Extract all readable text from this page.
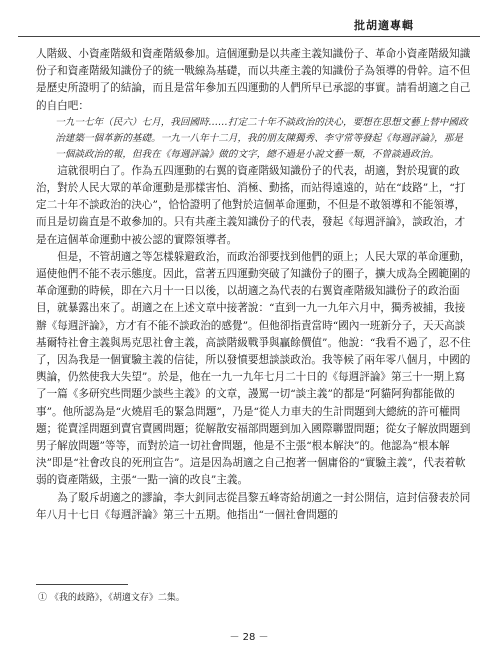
批胡適專輯

人階級、小資產階級和資產階級參加。這個運動是以共產主義知識份子、革命小資產階級知識份子和資產階級知識份子的統一戰線為基礎，而以共產主義的知識份子為領導的骨幹。這不但是歷史所證明了的結論，而且是當年參加五四運動的人們所早已承認的事實。請看胡適之自己的自白吧：

一九一七年（民六）七月，我回國時……打定二十年不談政治的決心，要想在思想文藝上替中國政治建築一個革新的基礎。一九一八年十二月，我的朋友陳獨秀、李守常等發起《每週評論》，那是一個談政治的報，但我在《每週評論》做的文字，總不過是小說文藝一類，不曾談過政治。

這就很明白了。作為五四運動的右翼的資產階級知識份子的代表，胡適，對於現實的政治，對於人民大眾的革命運動是那樣害怕、消極、動搖，而站得遠遠的，站在“歧路”上，“打定二十年不談政治的決心”，恰恰證明了他對於這個革命運動，不但是不敢領導和不能領導，而且是切齒直是不敢參加的。只有共產主義知識份子的代表，發起《每週評論》，談政治，才是在這個革命運動中被公認的實際領導者。

但是，不管胡適之等怎樣躲避政治，而政治卻要找到他們的頭上；人民大眾的革命運動，逼使他們不能不表示態度。因此，當著五四運動突破了知識份子的圈子，擴大成為全國範圍的革命運動的時候，即在六月十一日以後，以胡適之為代表的右翼資產階級知識份子的政治面目，就暴露出來了。胡適之在上述文章中接著說：“直到一九一九年六月中，獨秀被捕，我接辦《每週評論》，方才有不能不談政治的感覺”。但他卻指責當時“國內一班新分子，天天高談基爾特社會主義與馬克思社會主義，高談階級戰爭與贏餘價值”。他說：“我看不過了，忍不住了，因為我是一個實驗主義的信徒，所以發憤要想談談政治。我等候了兩年零八個月，中國的輿論，仍然使我大失望”。於是，他在一九一九年七月二十日的《每週評論》第三十一期上寫了一篇《多研究些問題少談些主義》的文章，謾罵一切“談主義”的都是“阿貓阿狗都能做的事”。他所認為是“火燒眉毛的緊急問題”，乃是“從人力車夫的生計問題到大總統的許可權問題；從賣淫問題到賣官賣國問題；從解散安福部問題到加入國際聯盟問題；從女子解放問題到男子解放問題”等等，而對於這一切社會問題，他是不主張“根本解決”的。他認為“根本解決”即是“社會改良的死刑宣告”。這是因為胡適之自己抱著一個庸俗的“實驗主義”，代表着軟弱的資產階級，主張“一點一滴的改良”主義。

為了駁斥胡適之的謬論，李大釗同志從昌黎五峰寄給胡適之一封公開信，這封信發表於同年八月十七日《每週評論》第三十五期。他指出“一個社會問題的

① 《我的歧路》，《胡適文存》二集。
－ 28 －
